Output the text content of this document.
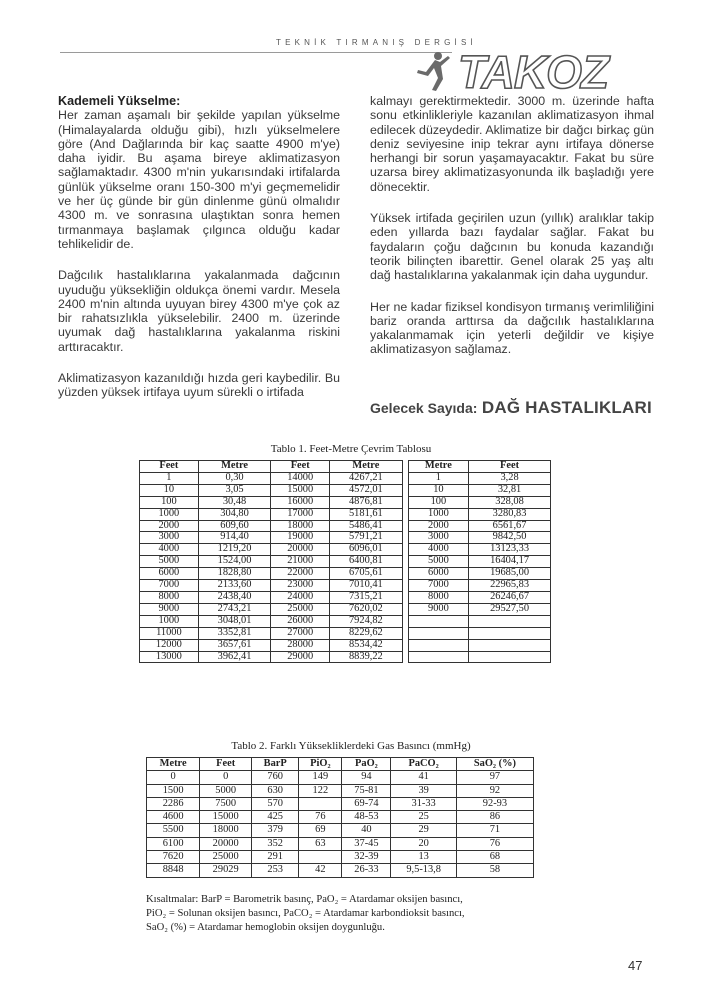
TEKNİK TIRMANIŞ DERGİSİ
TAKOZ
Kademeli Yükselme:

Her zaman aşamalı bir şekilde yapılan yükselme (Himalayalarda olduğu gibi), hızlı yükselmelere göre (And Dağlarında bir kaç saatte 4900 m'ye) daha iyidir. Bu aşama bireye aklimatizasyon sağlamaktadır. 4300 m'nin yukarısındaki irtifalarda günlük yükselme oranı 150-300 m'yi geçmemelidir ve her üç günde bir gün dinlenme günü olmalıdır 4300 m. ve sonrasına ulaştıktan sonra hemen tırmanmaya başlamak çılgınca olduğu kadar tehlikelidir de.

Dağcılık hastalıklarına yakalanmada dağcının uyuduğu yüksekliğin oldukça önemi vardır. Mesela 2400 m'nin altında uyuyan birey 4300 m'ye çok az bir rahatsızlıkla yükselebilir. 2400 m. üzerinde uyumak dağ hastalıklarına yakalanma riskini arttıracaktır.

Aklimatizasyon kazanıldığı hızda geri kaybedilir. Bu yüzden yüksek irtifaya uyum sürekli o irtifada

kalmayı gerektirmektedir. 3000 m. üzerinde hafta sonu etkinlikleriyle kazanılan aklimatizasyon ihmal edilecek düzeydedir. Aklimatize bir dağcı birkaç gün deniz seviyesine inip tekrar aynı irtifaya dönerse herhangi bir sorun yaşamayacaktır. Fakat bu süre uzarsa birey aklimatizasyonunda ilk başladığı yere dönecektir.

Yüksek irtifada geçirilen uzun (yıllık) aralıklar takip eden yıllarda bazı faydalar sağlar. Fakat bu faydaların çoğu dağcının bu konuda kazandığı teorik bilinçten ibarettir. Genel olarak 25 yaş altı dağ hastalıklarına yakalanmak için daha uygundur.

Her ne kadar fiziksel kondisyon tırmanış verimliliğini bariz oranda arttırsa da dağcılık hastalıklarına yakalanmamak için yeterli değildir ve kişiye aklimatizasyon sağlamaz.

Gelecek Sayıda: DAĞ HASTALIKLARI
Tablo 1. Feet-Metre Çevrim Tablosu
Feet	Metre	Feet	Metre		Metre	Feet
1	0,30	14000	4267,21		1	3,28
10	3,05	15000	4572,01		10	32,81
100	30,48	16000	4876,81		100	328,08
1000	304,80	17000	5181,61		1000	3280,83
2000	609,60	18000	5486,41		2000	6561,67
3000	914,40	19000	5791,21		3000	9842,50
4000	1219,20	20000	6096,01		4000	13123,33
5000	1524,00	21000	6400,81		5000	16404,17
6000	1828,80	22000	6705,61		6000	19685,00
7000	2133,60	23000	7010,41		7000	22965,83
8000	2438,40	24000	7315,21		8000	26246,67
9000	2743,21	25000	7620,02		9000	29527,50
1000	3048,01	26000	7924,82			
11000	3352,81	27000	8229,62			
12000	3657,61	28000	8534,42			
13000	3962,41	29000	8839,22			
Tablo 2. Farklı Yüksekliklerdeki Gas Basıncı (mmHg)
Metre	Feet	BarP	PiO₂	PaO₂	PaCO₂	SaO₂ (%)
0	0	760	149	94	41	97
1500	5000	630	122	75-81	39	92
2286	7500	570		69-74	31-33	92-93
4600	15000	425	76	48-53	25	86
5500	18000	379	69	40	29	71
6100	20000	352	63	37-45	20	76
7620	25000	291		32-39	13	68
8848	29029	253	42	26-33	9,5-13,8	58
Kısaltmalar: BarP = Barometrik basınç, PaO₂ = Atardamar oksijen basıncı,
PiO₂ = Solunan oksijen basıncı, PaCO₂ = Atardamar karbondioksit basıncı,
SaO₂ (%) = Atardamar hemoglobin oksijen doygunluğu.
47
